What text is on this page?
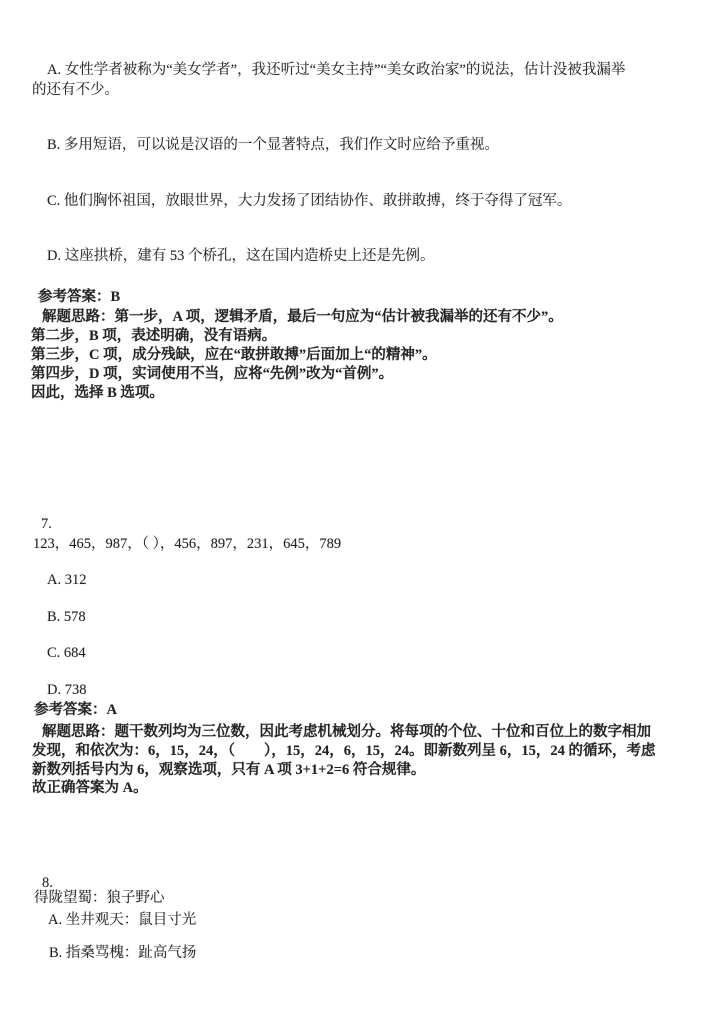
A. 女性学者被称为“美女学者”，我还听过“美女主持”“美女政治家”的说法，估计没被我漏举
的还有不少。
B. 多用短语，可以说是汉语的一个显著特点，我们作文时应给予重视。
C. 他们胸怀祖国，放眼世界，大力发扬了团结协作、敢拼敢搏，终于夺得了冠军。
D. 这座拱桥，建有 53 个桥孔，这在国内造桥史上还是先例。
参考答案：B
解题思路：第一步，A 项，逻辑矛盾，最后一句应为“估计被我漏举的还有不少”。
第二步，B 项，表述明确，没有语病。
第三步，C 项，成分残缺，应在“敢拼敢搏”后面加上“的精神”。
第四步，D 项，实词使用不当，应将“先例”改为“首例”。
因此，选择 B 选项。
7.
123，465，987，（ ），456，897，231，645，789
A. 312
B. 578
C. 684
D. 738
参考答案：A
解题思路：题干数列均为三位数，因此考虑机械划分。将每项的个位、十位和百位上的数字相加
发现，和依次为：6，15，24，（　　），15，24，6，15，24。即新数列呈 6，15，24 的循环，考虑
新数列括号内为 6，观察选项，只有 A 项 3+1+2=6 符合规律。
故正确答案为 A。
8.
得陇望蜀：狼子野心
A. 坐井观天：鼠目寸光
B. 指桑骂槐：趾高气扬
